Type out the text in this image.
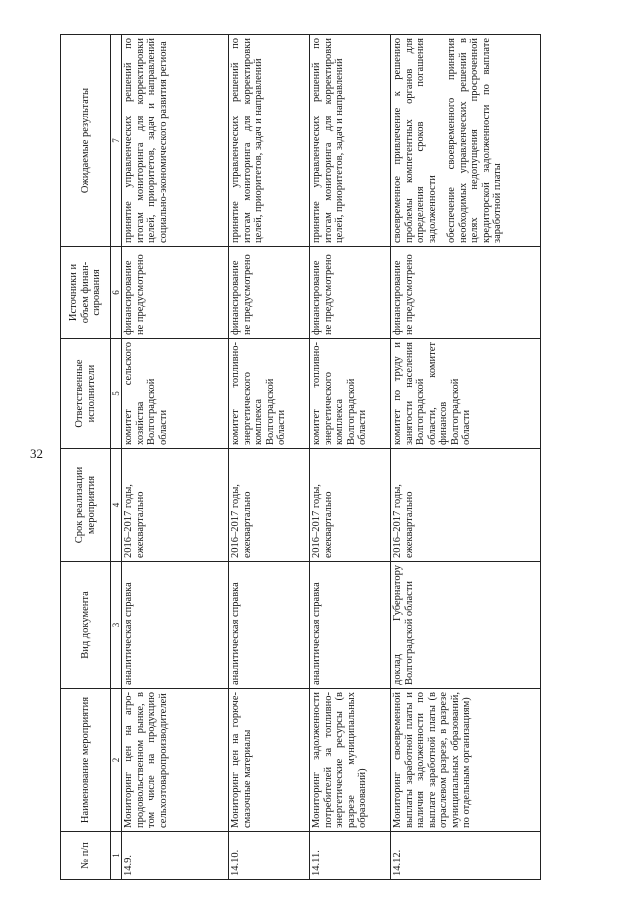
32
№ п/п	Наименование мероприятия	Вид документа	Срок реализации мероприятия	Ответственные исполнители	Источники и объем финан- сирования	Ожидаемые результаты
1	2	3	4	5	6	7
14.9.	Мониторинг цен на агро-продовольственном рынке, в том числе на продукцию сельхозтоваропроизводителей	аналитическая справка	2016–2017 годы, ежеквартально	комитет сельского хозяйства Волгоградской области	финансирование не предусмотрено	принятие управленческих решений по итогам мониторинга для корректировки целей, приоритетов, задач и направлений социально-экономического развития региона
14.10.	Мониторинг цен на горюче-смазочные материалы	аналитическая справка	2016–2017 годы, ежеквартально	комитет топливно-энергетического комплекса Волгоградской области	финансирование не предусмотрено	принятие управленческих решений по итогам мониторинга для корректировки целей, приоритетов, задач и направлений
14.11.	Мониторинг задолженности потребителей за топливно-энергетические ресурсы (в разрезе муниципальных образований)	аналитическая справка	2016–2017 годы, ежеквартально	комитет топливно-энергетического комплекса Волгоградской области	финансирование не предусмотрено	принятие управленческих решений по итогам мониторинга для корректировки целей, приоритетов, задач и направлений
14.12.	Мониторинг своевременной выплаты заработной платы и наличия задолженности по выплате заработной платы (в отраслевом разрезе, в разрезе муниципальных образований, по отдельным организациям)	доклад Губернатору Волгоградской области	2016–2017 годы, ежеквартально	комитет по труду и занятости населения Волгоградской области, комитет финансов Волгоградской области	финансирование не предусмотрено	своевременное привлечение к решению проблемы компетентных органов для определения сроков погашения задолженности обеспечение своевременного принятия необходимых управленческих решений в целях недопущения просроченной кредиторской задолженности по выплате заработной платы
